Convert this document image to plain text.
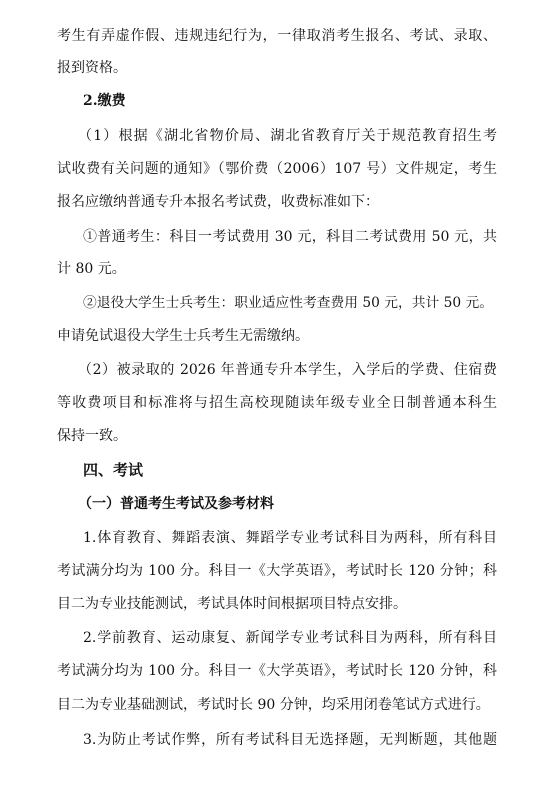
考生有弄虚作假、违规违纪行为，一律取消考生报名、考试、录取、
报到资格。
2.缴费
（1）根据《湖北省物价局、湖北省教育厅关于规范教育招生考
试收费有关问题的通知》（鄂价费（2006）107 号）文件规定，考生
报名应缴纳普通专升本报名考试费，收费标准如下：
①普通考生：科目一考试费用 30 元，科目二考试费用 50 元，共
计 80 元。
②退役大学生士兵考生：职业适应性考查费用 50 元，共计 50 元。
申请免试退役大学生士兵考生无需缴纳。
（2）被录取的 2026 年普通专升本学生，入学后的学费、住宿费
等收费项目和标准将与招生高校现随读年级专业全日制普通本科生
保持一致。
四、考试
（一）普通考生考试及参考材料
1.体育教育、舞蹈表演、舞蹈学专业考试科目为两科，所有科目
考试满分均为 100 分。科目一《大学英语》，考试时长 120 分钟；科
目二为专业技能测试，考试具体时间根据项目特点安排。
2.学前教育、运动康复、新闻学专业考试科目为两科，所有科目
考试满分均为 100 分。科目一《大学英语》，考试时长 120 分钟，科
目二为专业基础测试，考试时长 90 分钟，均采用闭卷笔试方式进行。
3.为防止考试作弊，所有考试科目无选择题，无判断题，其他题
